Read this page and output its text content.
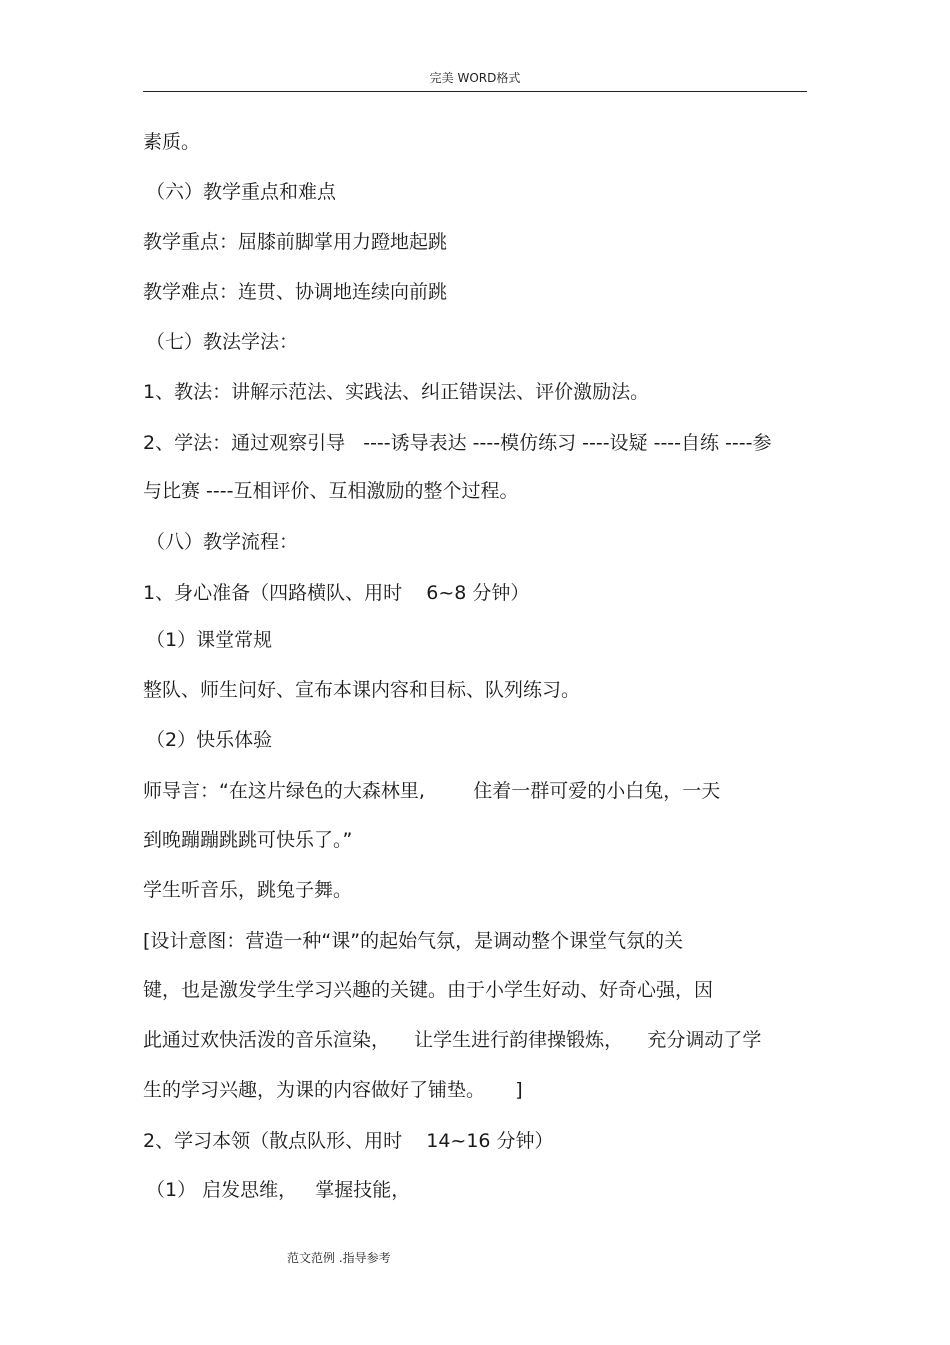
完美 WORD格式
素质。
（六）教学重点和难点
教学重点：屈膝前脚掌用力蹬地起跳
教学难点：连贯、协调地连续向前跳
（七）教法学法：
1、教法：讲解示范法、实践法、纠正错误法、评价激励法。
2、学法：通过观察引导   ----诱导表达 ----模仿练习 ----设疑 ----自练 ----参
与比赛 ----互相评价、互相激励的整个过程。
（八）教学流程：
1、身心准备（四路横队、用时    6~8 分钟）
（1）课堂常规
整队、师生问好、宣布本课内容和目标、队列练习。
（2）快乐体验
师导言：“在这片绿色的大森林里,        住着一群可爱的小白兔，一天
到晚蹦蹦跳跳可快乐了。”
学生听音乐，跳兔子舞。
[设计意图：营造一种“课”的起始气氛，是调动整个课堂气氛的关
键，也是激发学生学习兴趣的关键。由于小学生好动、好奇心强，因
此通过欢快活泼的音乐渲染，    让学生进行韵律操锻炼，    充分调动了学
生的学习兴趣，为课的内容做好了铺垫。     ]
2、学习本领（散点队形、用时    14~16 分钟）
（1） 启发思维，   掌握技能，
范文范例 .指导参考
